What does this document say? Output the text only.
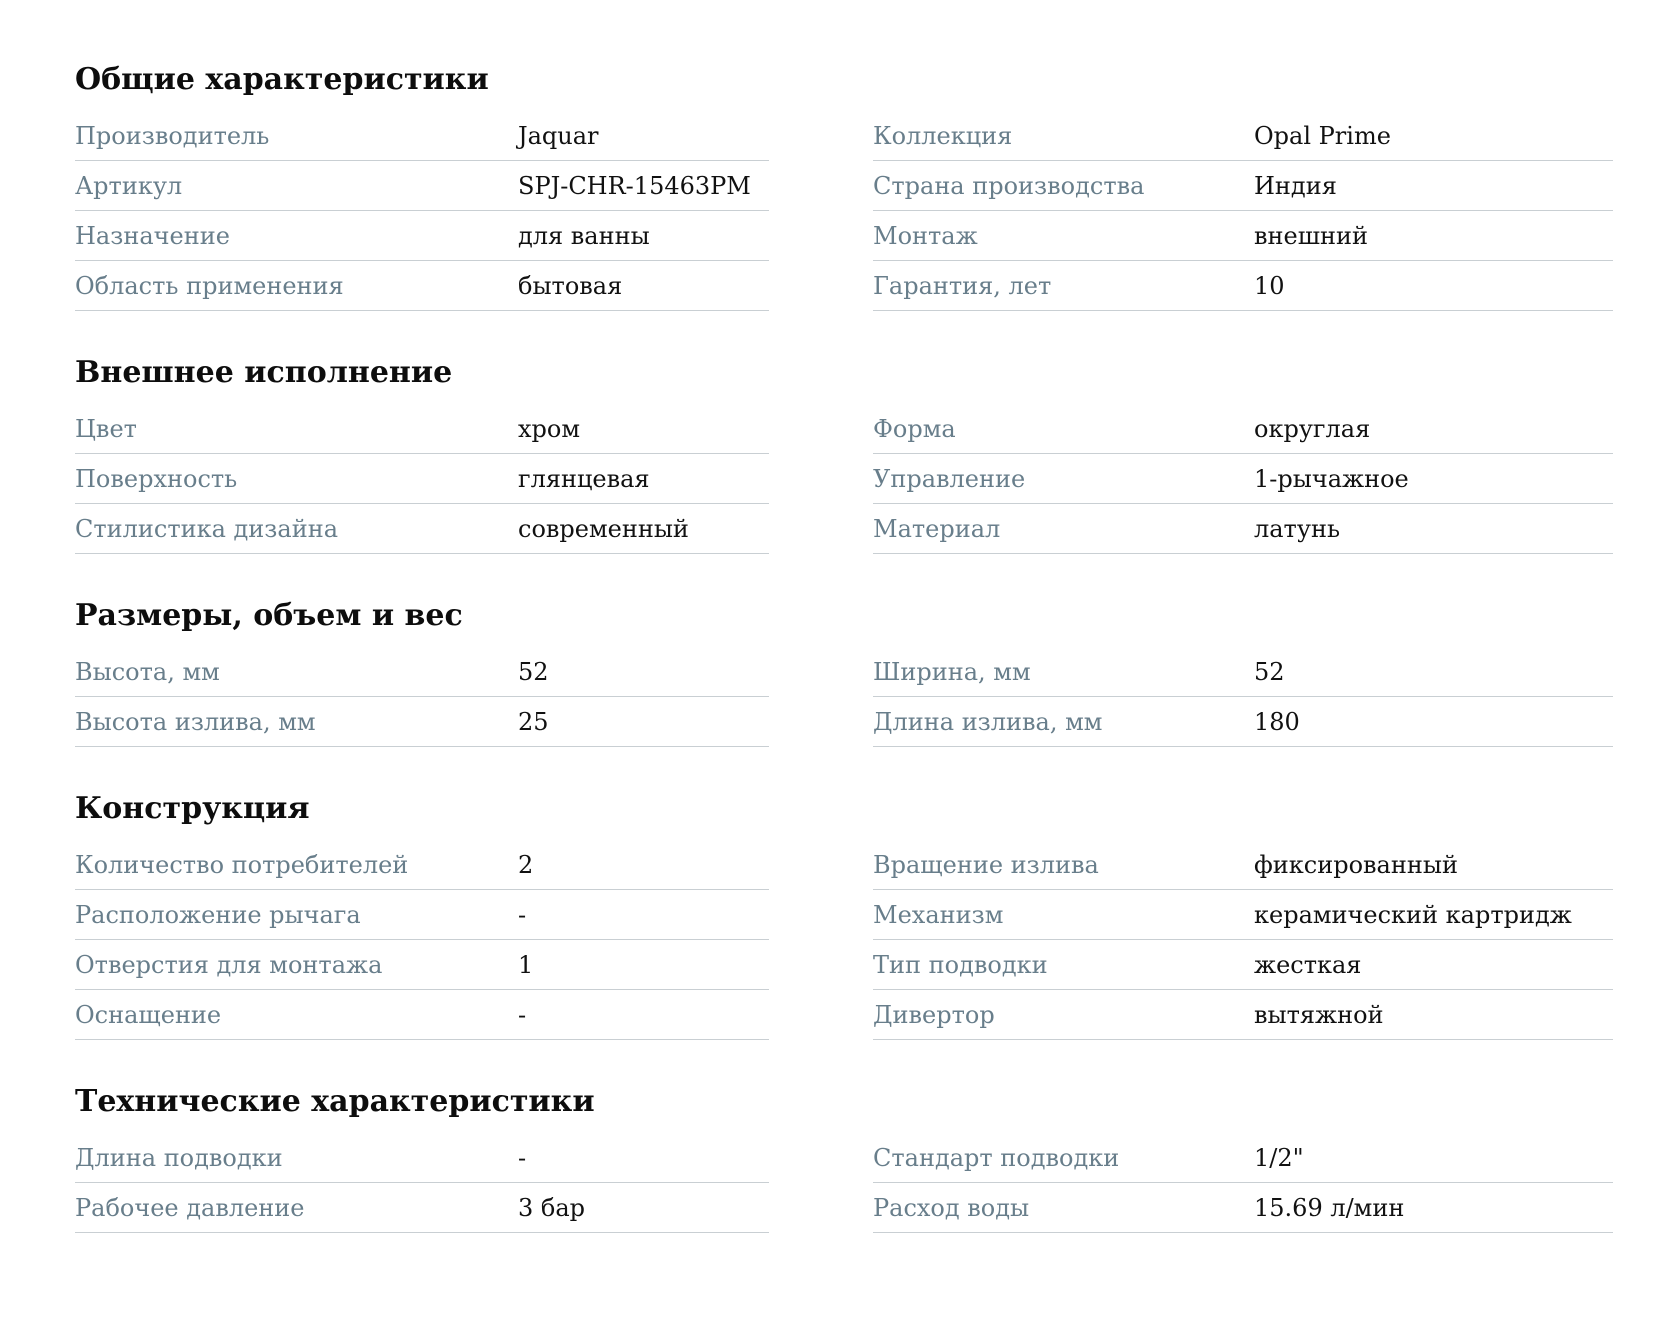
Общие характеристики
Производитель	Jaquar
Артикул	SPJ-CHR-15463PM
Назначение	для ванны
Область применения	бытовая
Коллекция	Opal Prime
Страна производства	Индия
Монтаж	внешний
Гарантия, лет	10
Внешнее исполнение
Цвет	хром
Поверхность	глянцевая
Стилистика дизайна	современный
Форма	округлая
Управление	1-рычажное
Материал	латунь
Размеры, объем и вес
Высота, мм	52
Высота излива, мм	25
Ширина, мм	52
Длина излива, мм	180
Конструкция
Количество потребителей	2
Расположение рычага	-
Отверстия для монтажа	1
Оснащение	-
Вращение излива	фиксированный
Механизм	керамический картридж
Тип подводки	жесткая
Дивертор	вытяжной
Технические характеристики
Длина подводки	-
Рабочее давление	3 бар
Стандарт подводки	1/2"
Расход воды	15.69 л/мин
